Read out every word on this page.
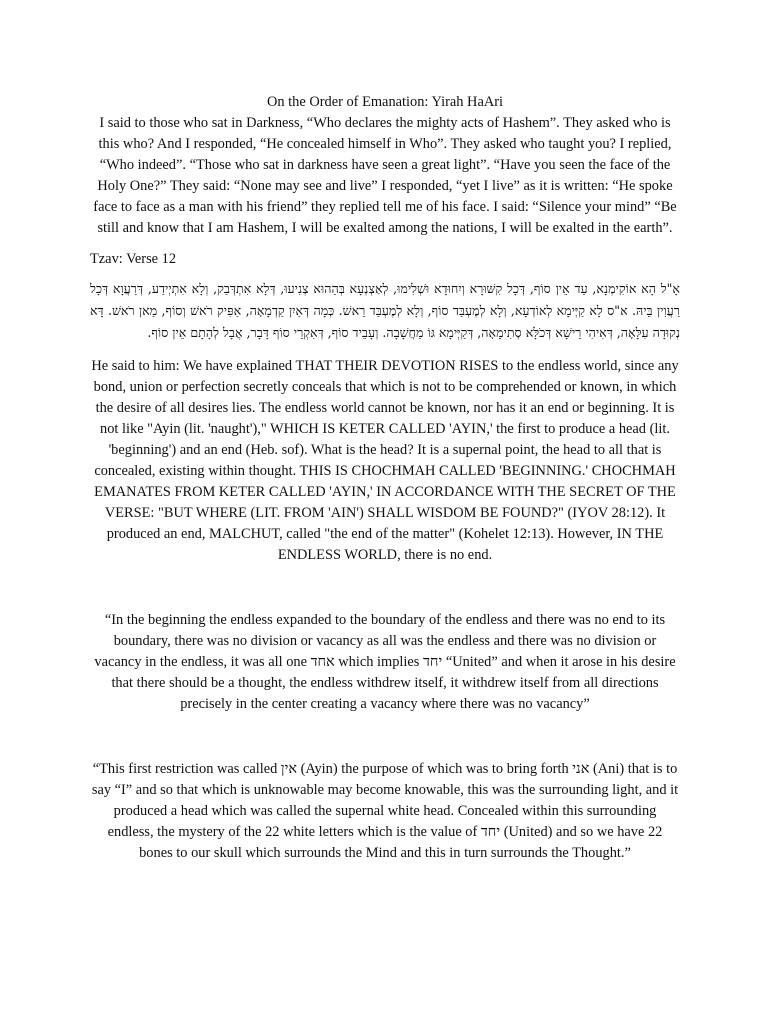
On the Order of Emanation: Yirah HaAri

I said to those who sat in Darkness, “Who declares the mighty acts of Hashem”. They asked who is this who? And I responded, “He concealed himself in Who”. They asked who taught you? I replied, “Who indeed”. “Those who sat in darkness have seen a great light”. “Have you seen the face of the Holy One?” They said: “None may see and live” I responded, “yet I live” as it is written: “He spoke face to face as a man with his friend” they replied tell me of his face. I said: “Silence your mind” “Be still and know that I am Hashem, I will be exalted among the nations, I will be exalted in the earth”.

Tzav: Verse 12

אָ"ל הָא אוֹקִימְנָא, עַד אֵין סוֹף, דְּכָל קִשּׁוּרָא וְיִחוּדָא וּשְׁלִימוּ, לְאַצְנְעָא בְּהַהוּא צְנִיעוּ, דְּלָא אִתְדְּבַק, וְלָא אִתְיְידַע, דְּרַעֲוָא דְּכָל רַעֲוִין בֵּיהּ. א"ס לָא קַיְּימָא לְאוֹדְעָא, וְלָא לְמֶעְבַּד סוֹף, וְלָא לְמֶעְבַּד רֵאשׁ. כְּמָה דְּאַיִן קַדְמָאָה, אַפִּיק רֹאשׁ וְסוֹף, מַאן רֹאשׁ. דָּא נְקוּדָה עִלָּאָה, דְּאִיהִי רֵישָׁא דְּכֹלָּא סְתִימָאָה, דְּקַיְּימָא גּוֹ מַחֲשָׁבָה. וְעָבֵיד סוֹף, דְּאִקְרֵי סוֹף דָּבָר, אֲבָל לְהָתָם אֵין סוֹף.

He said to him: We have explained THAT THEIR DEVOTION RISES to the endless world, since any bond, union or perfection secretly conceals that which is not to be comprehended or known, in which the desire of all desires lies. The endless world cannot be known, nor has it an end or beginning. It is not like "Ayin (lit. 'naught')," WHICH IS KETER CALLED 'AYIN,' the first to produce a head (lit. 'beginning') and an end (Heb. sof). What is the head? It is a supernal point, the head to all that is concealed, existing within thought. THIS IS CHOCHMAH CALLED 'BEGINNING.' CHOCHMAH EMANATES FROM KETER CALLED 'AYIN,' IN ACCORDANCE WITH THE SECRET OF THE VERSE: "BUT WHERE (LIT. FROM 'AIN') SHALL WISDOM BE FOUND?" (IYOV 28:12). It produced an end, MALCHUT, called "the end of the matter" (Kohelet 12:13). However, IN THE ENDLESS WORLD, there is no end.

“In the beginning the endless expanded to the boundary of the endless and there was no end to its boundary, there was no division or vacancy as all was the endless and there was no division or vacancy in the endless, it was all one אחד which implies יחד “United” and when it arose in his desire that there should be a thought, the endless withdrew itself, it withdrew itself from all directions precisely in the center creating a vacancy where there was no vacancy”

“This first restriction was called אין (Ayin) the purpose of which was to bring forth אני (Ani) that is to say “I” and so that which is unknowable may become knowable, this was the surrounding light, and it produced a head which was called the supernal white head. Concealed within this surrounding endless, the mystery of the 22 white letters which is the value of יחד (United) and so we have 22 bones to our skull which surrounds the Mind and this in turn surrounds the Thought.”
